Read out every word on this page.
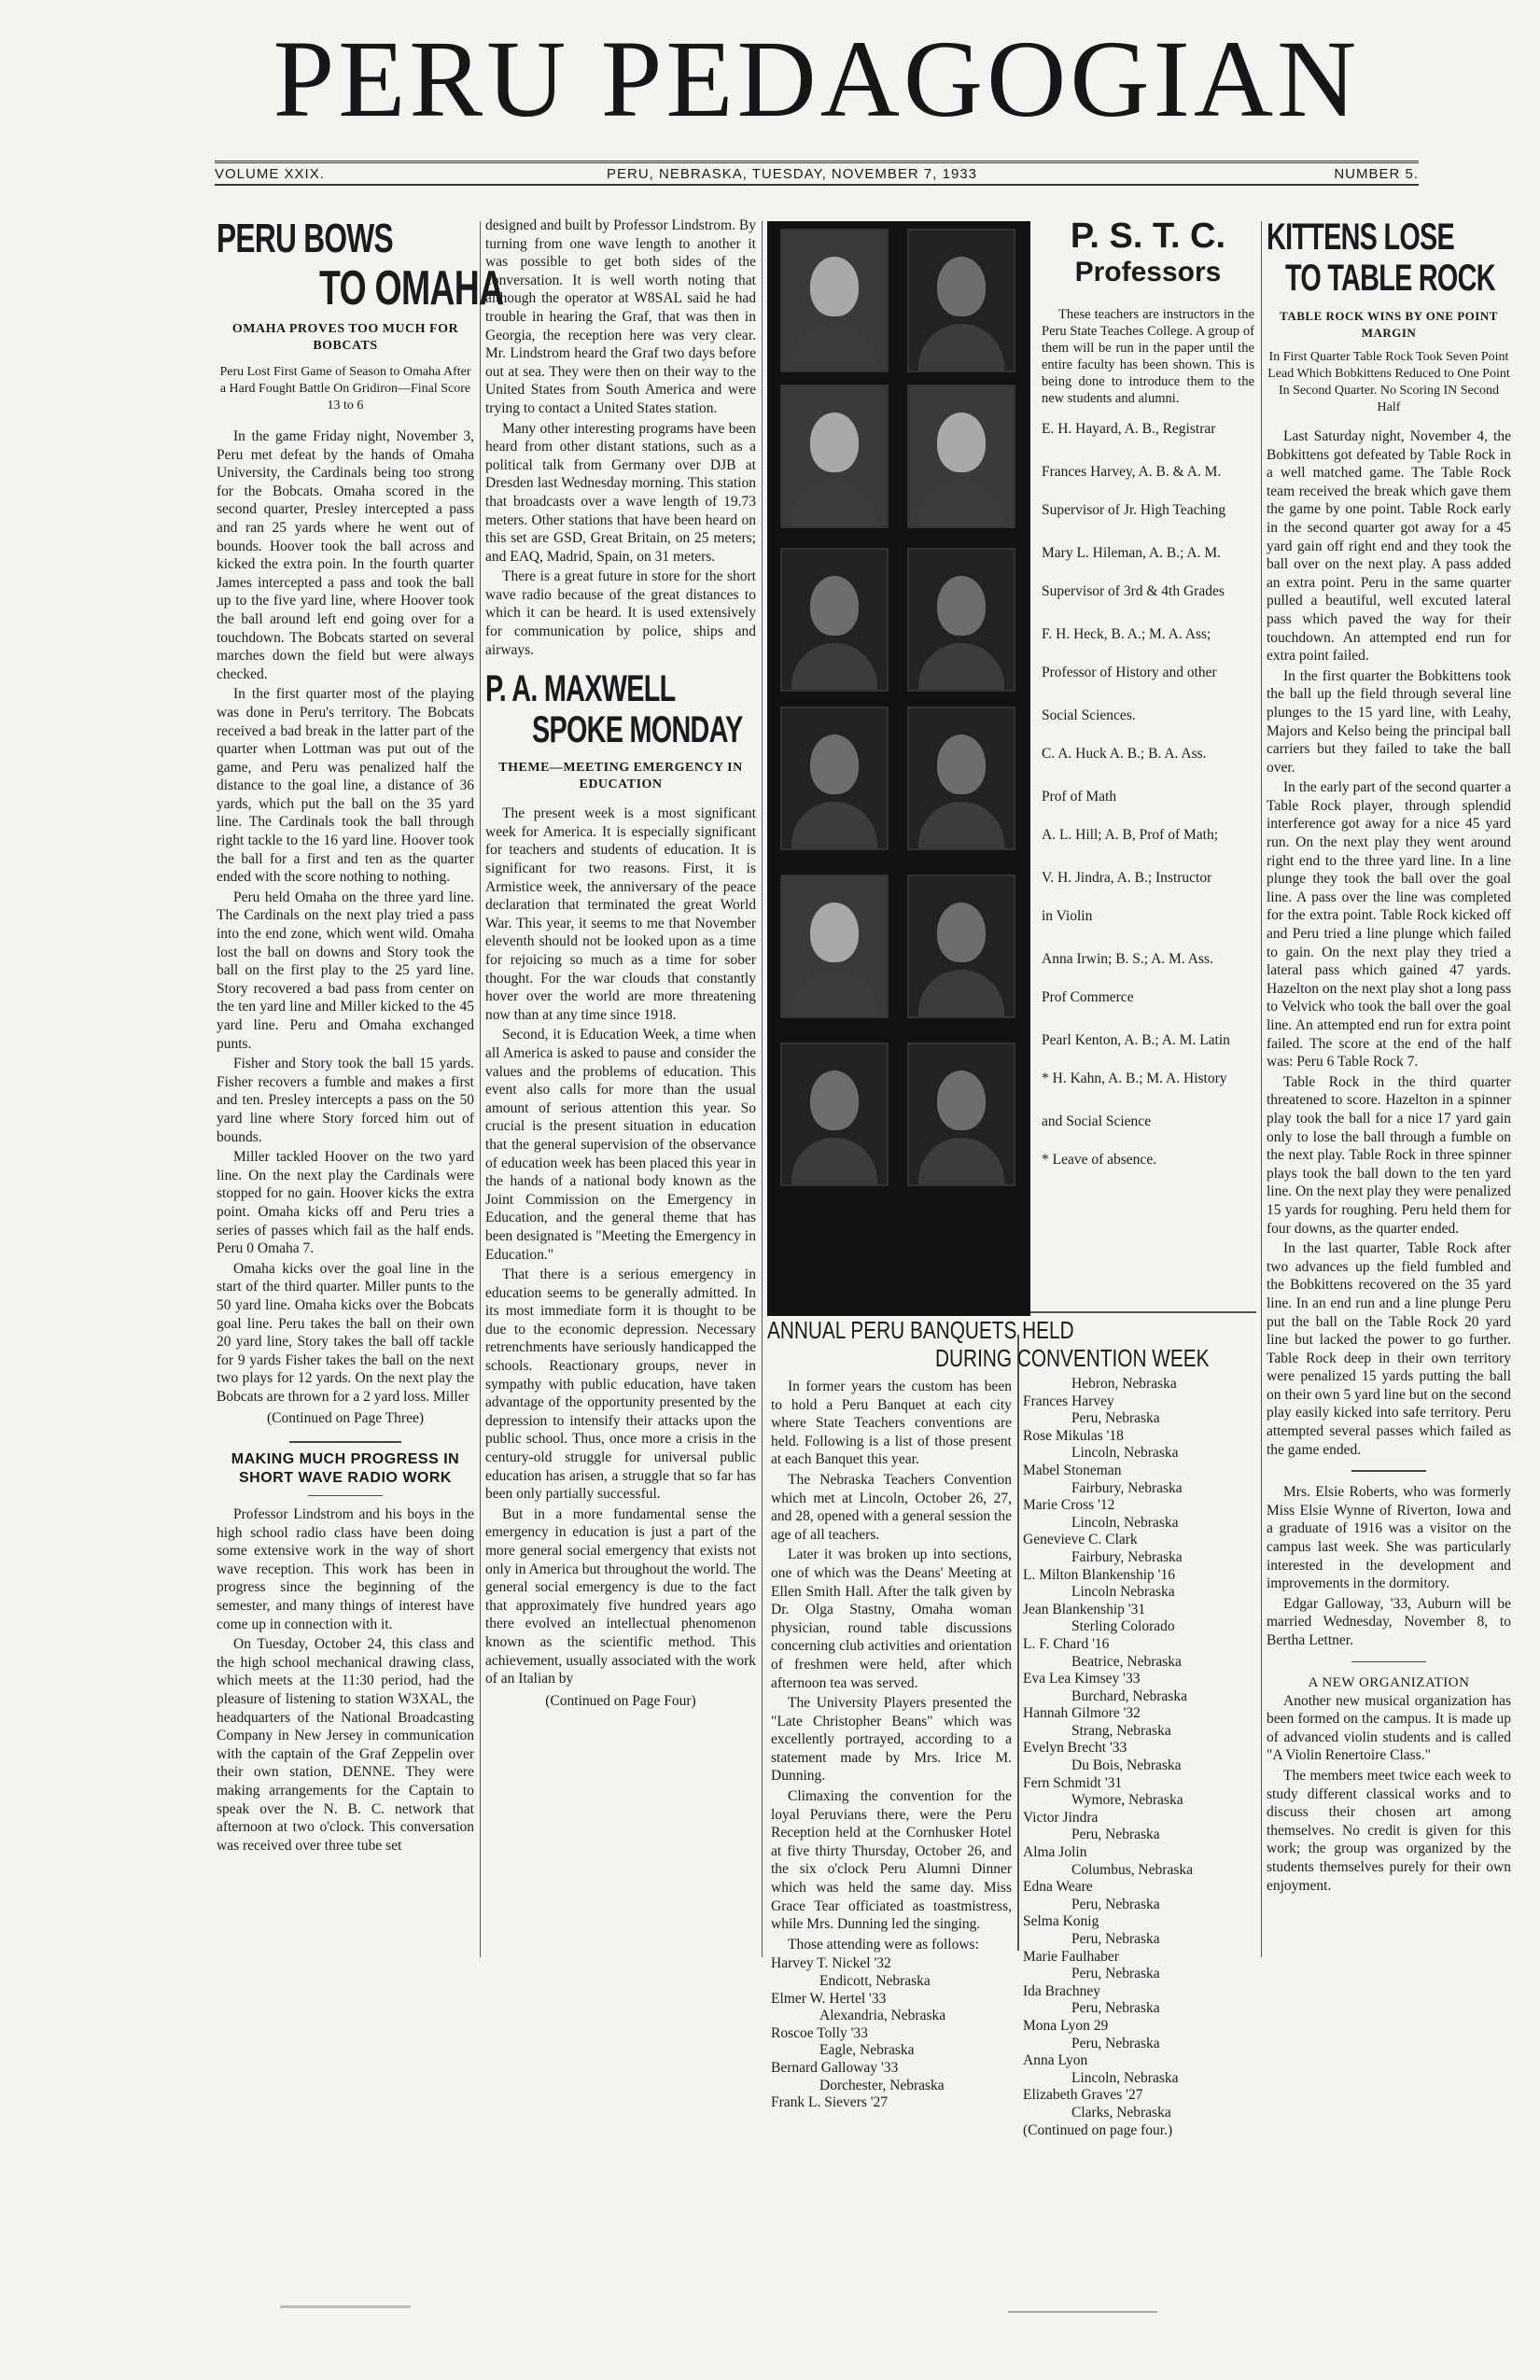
PERU PEDAGOGIAN
VOLUME XXIX.	PERU, NEBRASKA, TUESDAY, NOVEMBER 7, 1933	NUMBER 5.
PERU BOWS
TO OMAHA
OMAHA PROVES TOO MUCH FOR BOBCATS
Peru Lost First Game of Season to Omaha After a Hard Fought Battle On Gridiron—Final Score 13 to 6

In the game Friday night, November 3, Peru met defeat by the hands of Omaha University, the Cardinals being too strong for the Bobcats. Omaha scored in the second quarter, Presley intercepted a pass and ran 25 yards where he went out of bounds. Hoover took the ball across and kicked the extra poin. In the fourth quarter James intercepted a pass and took the ball up to the five yard line, where Hoover took the ball around left end going over for a touchdown. The Bobcats started on several marches down the field but were always checked.

In the first quarter most of the playing was done in Peru's territory. The Bobcats received a bad break in the latter part of the quarter when Lottman was put out of the game, and Peru was penalized half the distance to the goal line, a distance of 36 yards, which put the ball on the 35 yard line. The Cardinals took the ball through right tackle to the 16 yard line. Hoover took the ball for a first and ten as the quarter ended with the score nothing to nothing.

Peru held Omaha on the three yard line. The Cardinals on the next play tried a pass into the end zone, which went wild. Omaha lost the ball on downs and Story took the ball on the first play to the 25 yard line. Story recovered a bad pass from center on the ten yard line and Miller kicked to the 45 yard line. Peru and Omaha exchanged punts.

Fisher and Story took the ball 15 yards. Fisher recovers a fumble and makes a first and ten. Presley intercepts a pass on the 50 yard line where Story forced him out of bounds.

Miller tackled Hoover on the two yard line. On the next play the Cardinals were stopped for no gain. Hoover kicks the extra point. Omaha kicks off and Peru tries a series of passes which fail as the half ends. Peru 0 Omaha 7.

Omaha kicks over the goal line in the start of the third quarter. Miller punts to the 50 yard line. Omaha kicks over the Bobcats goal line. Peru takes the ball on their own 20 yard line, Story takes the ball off tackle for 9 yards Fisher takes the ball on the next two plays for 12 yards. On the next play the Bobcats are thrown for a 2 yard loss. Miller

(Continued on Page Three)
MAKING MUCH PROGRESS IN SHORT WAVE RADIO WORK

Professor Lindstrom and his boys in the high school radio class have been doing some extensive work in the way of short wave reception. This work has been in progress since the beginning of the semester, and many things of interest have come up in connection with it.

On Tuesday, October 24, this class and the high school mechanical drawing class, which meets at the 11:30 period, had the pleasure of listening to station W3XAL, the headquarters of the National Broadcasting Company in New Jersey in communication with the captain of the Graf Zeppelin over their own station, DENNE. They were making arrangements for the Captain to speak over the N. B. C. network that afternoon at two o'clock. This conversation was received over three tube set

designed and built by Professor Lindstrom. By turning from one wave length to another it was possible to get both sides of the conversation. It is well worth noting that although the operator at W8SAL said he had trouble in hearing the Graf, that was then in Georgia, the reception here was very clear. Mr. Lindstrom heard the Graf two days before out at sea. They were then on their way to the United States from South America and were trying to contact a United States station.

Many other interesting programs have been heard from other distant stations, such as a political talk from Germany over DJB at Dresden last Wednesday morning. This station that broadcasts over a wave length of 19.73 meters. Other stations that have been heard on this set are GSD, Great Britain, on 25 meters; and EAQ, Madrid, Spain, on 31 meters.

There is a great future in store for the short wave radio because of the great distances to which it can be heard. It is used extensively for communication by police, ships and airways.

P. A. MAXWELL
SPOKE MONDAY
THEME—MEETING EMERGENCY IN EDUCATION

The present week is a most significant week for America. It is especially significant for teachers and students of education. It is significant for two reasons. First, it is Armistice week, the anniversary of the peace declaration that terminated the great World War. This year, it seems to me that November eleventh should not be looked upon as a time for rejoicing so much as a time for sober thought. For the war clouds that constantly hover over the world are more threatening now than at any time since 1918.

Second, it is Education Week, a time when all America is asked to pause and consider the values and the problems of education. This event also calls for more than the usual amount of serious attention this year. So crucial is the present situation in education that the general supervision of the observance of education week has been placed this year in the hands of a national body known as the Joint Commission on the Emergency in Education, and the general theme that has been designated is "Meeting the Emergency in Education."

That there is a serious emergency in education seems to be generally admitted. In its most immediate form it is thought to be due to the economic depression. Necessary retrenchments have seriously handicapped the schools. Reactionary groups, never in sympathy with public education, have taken advantage of the opportunity presented by the depression to intensify their attacks upon the public school. Thus, once more a crisis in the century-old struggle for universal public education has arisen, a struggle that so far has been only partially successful.

But in a more fundamental sense the emergency in education is just a part of the more general social emergency that exists not only in America but throughout the world. The general social emergency is due to the fact that approximately five hundred years ago there evolved an intellectual phenomenon known as the scientific method. This achievement, usually associated with the work of an Italian by

(Continued on Page Four)
P. S. T. C.
Professors

These teachers are instructors in the Peru State Teaches College. A group of them will be run in the paper until the entire faculty has been shown. This is being done to introduce them to the new students and alumni.

E. H. Hayard, A. B., Registrar
Frances Harvey, A. B. & A. M.
Supervisor of Jr. High Teaching
Mary L. Hileman, A. B.; A. M.
Supervisor of 3rd & 4th Grades
F. H. Heck, B. A.; M. A. Ass;
Professor of History and other
Social Sciences.
C. A. Huck A. B.; B. A. Ass.
Prof of Math
A. L. Hill; A. B, Prof of Math;
V. H. Jindra, A. B.; Instructor
in Violin
Anna Irwin; B. S.; A. M. Ass.
Prof Commerce
Pearl Kenton, A. B.; A. M. Latin
* H. Kahn, A. B.; M. A. History
and Social Science
* Leave of absence.
KITTENS LOSE
TO TABLE ROCK
TABLE ROCK WINS BY ONE POINT MARGIN
In First Quarter Table Rock Took Seven Point Lead Which Bobkittens Reduced to One Point In Second Quarter. No Scoring IN Second Half

Last Saturday night, November 4, the Bobkittens got defeated by Table Rock in a well matched game. The Table Rock team received the break which gave them the game by one point. Table Rock early in the second quarter got away for a 45 yard gain off right end and they took the ball over on the next play. A pass added an extra point. Peru in the same quarter pulled a beautiful, well excuted lateral pass which paved the way for their touchdown. An attempted end run for extra point failed.

In the first quarter the Bobkittens took the ball up the field through several line plunges to the 15 yard line, with Leahy, Majors and Kelso being the principal ball carriers but they failed to take the ball over.

In the early part of the second quarter a Table Rock player, through splendid interference got away for a nice 45 yard run. On the next play they went around right end to the three yard line. In a line plunge they took the ball over the goal line. A pass over the line was completed for the extra point. Table Rock kicked off and Peru tried a line plunge which failed to gain. On the next play they tried a lateral pass which gained 47 yards. Hazelton on the next play shot a long pass to Velvick who took the ball over the goal line. An attempted end run for extra point failed. The score at the end of the half was: Peru 6 Table Rock 7.

Table Rock in the third quarter threatened to score. Hazelton in a spinner play took the ball for a nice 17 yard gain only to lose the ball through a fumble on the next play. Table Rock in three spinner plays took the ball down to the ten yard line. On the next play they were penalized 15 yards for roughing. Peru held them for four downs, as the quarter ended.

In the last quarter, Table Rock after two advances up the field fumbled and the Bobkittens recovered on the 35 yard line. In an end run and a line plunge Peru put the ball on the Table Rock 20 yard line but lacked the power to go further. Table Rock deep in their own territory were penalized 15 yards putting the ball on their own 5 yard line but on the second play easily kicked into safe territory. Peru attempted several passes which failed as the game ended.

Mrs. Elsie Roberts, who was formerly Miss Elsie Wynne of Riverton, Iowa and a graduate of 1916 was a visitor on the campus last week. She was particularly interested in the development and improvements in the dormitory.

Edgar Galloway, '33, Auburn will be married Wednesday, November 8, to Bertha Lettner.

A NEW ORGANIZATION

Another new musical organization has been formed on the campus. It is made up of advanced violin students and is called "A Violin Renertoire Class."

The members meet twice each week to study different classical works and to discuss their chosen art among themselves. No credit is given for this work; the group was organized by the students themselves purely for their own enjoyment.

ANNUAL PERU BANQUETS HELD
DURING CONVENTION WEEK

In former years the custom has been to hold a Peru Banquet at each city where State Teachers conventions are held. Following is a list of those present at each Banquet this year.

The Nebraska Teachers Convention which met at Lincoln, October 26, 27, and 28, opened with a general session the age of all teachers.

Later it was broken up into sections, one of which was the Deans' Meeting at Ellen Smith Hall. After the talk given by Dr. Olga Stastny, Omaha woman physician, round table discussions concerning club activities and orientation of freshmen were held, after which afternoon tea was served.

The University Players presented the "Late Christopher Beans" which was excellently portrayed, according to a statement made by Mrs. Irice M. Dunning.

Climaxing the convention for the loyal Peruvians there, were the Peru Reception held at the Cornhusker Hotel at five thirty Thursday, October 26, and the six o'clock Peru Alumni Dinner which was held the same day. Miss Grace Tear officiated as toastmistress, while Mrs. Dunning led the singing.

Those attending were as follows:

Harvey T. Nickel '32
Endicott, Nebraska
Elmer W. Hertel '33
Alexandria, Nebraska
Roscoe Tolly '33
Eagle, Nebraska
Bernard Galloway '33
Dorchester, Nebraska
Frank L. Sievers '27
Hebron, Nebraska
Frances Harvey
Peru, Nebraska
Rose Mikulas '18
Lincoln, Nebraska
Mabel Stoneman
Fairbury, Nebraska
Marie Cross '12
Lincoln, Nebraska
Genevieve C. Clark
Fairbury, Nebraska
L. Milton Blankenship '16
Lincoln Nebraska
Jean Blankenship '31
Sterling Colorado
L. F. Chard '16
Beatrice, Nebraska
Eva Lea Kimsey '33
Burchard, Nebraska
Hannah Gilmore '32
Strang, Nebraska
Evelyn Brecht '33
Du Bois, Nebraska
Fern Schmidt '31
Wymore, Nebraska
Victor Jindra
Peru, Nebraska
Alma Jolin
Columbus, Nebraska
Edna Weare
Peru, Nebraska
Selma Konig
Peru, Nebraska
Marie Faulhaber
Peru, Nebraska
Ida Brachney
Peru, Nebraska
Mona Lyon 29
Peru, Nebraska
Anna Lyon
Lincoln, Nebraska
Elizabeth Graves '27
Clarks, Nebraska
(Continued on page four.)
